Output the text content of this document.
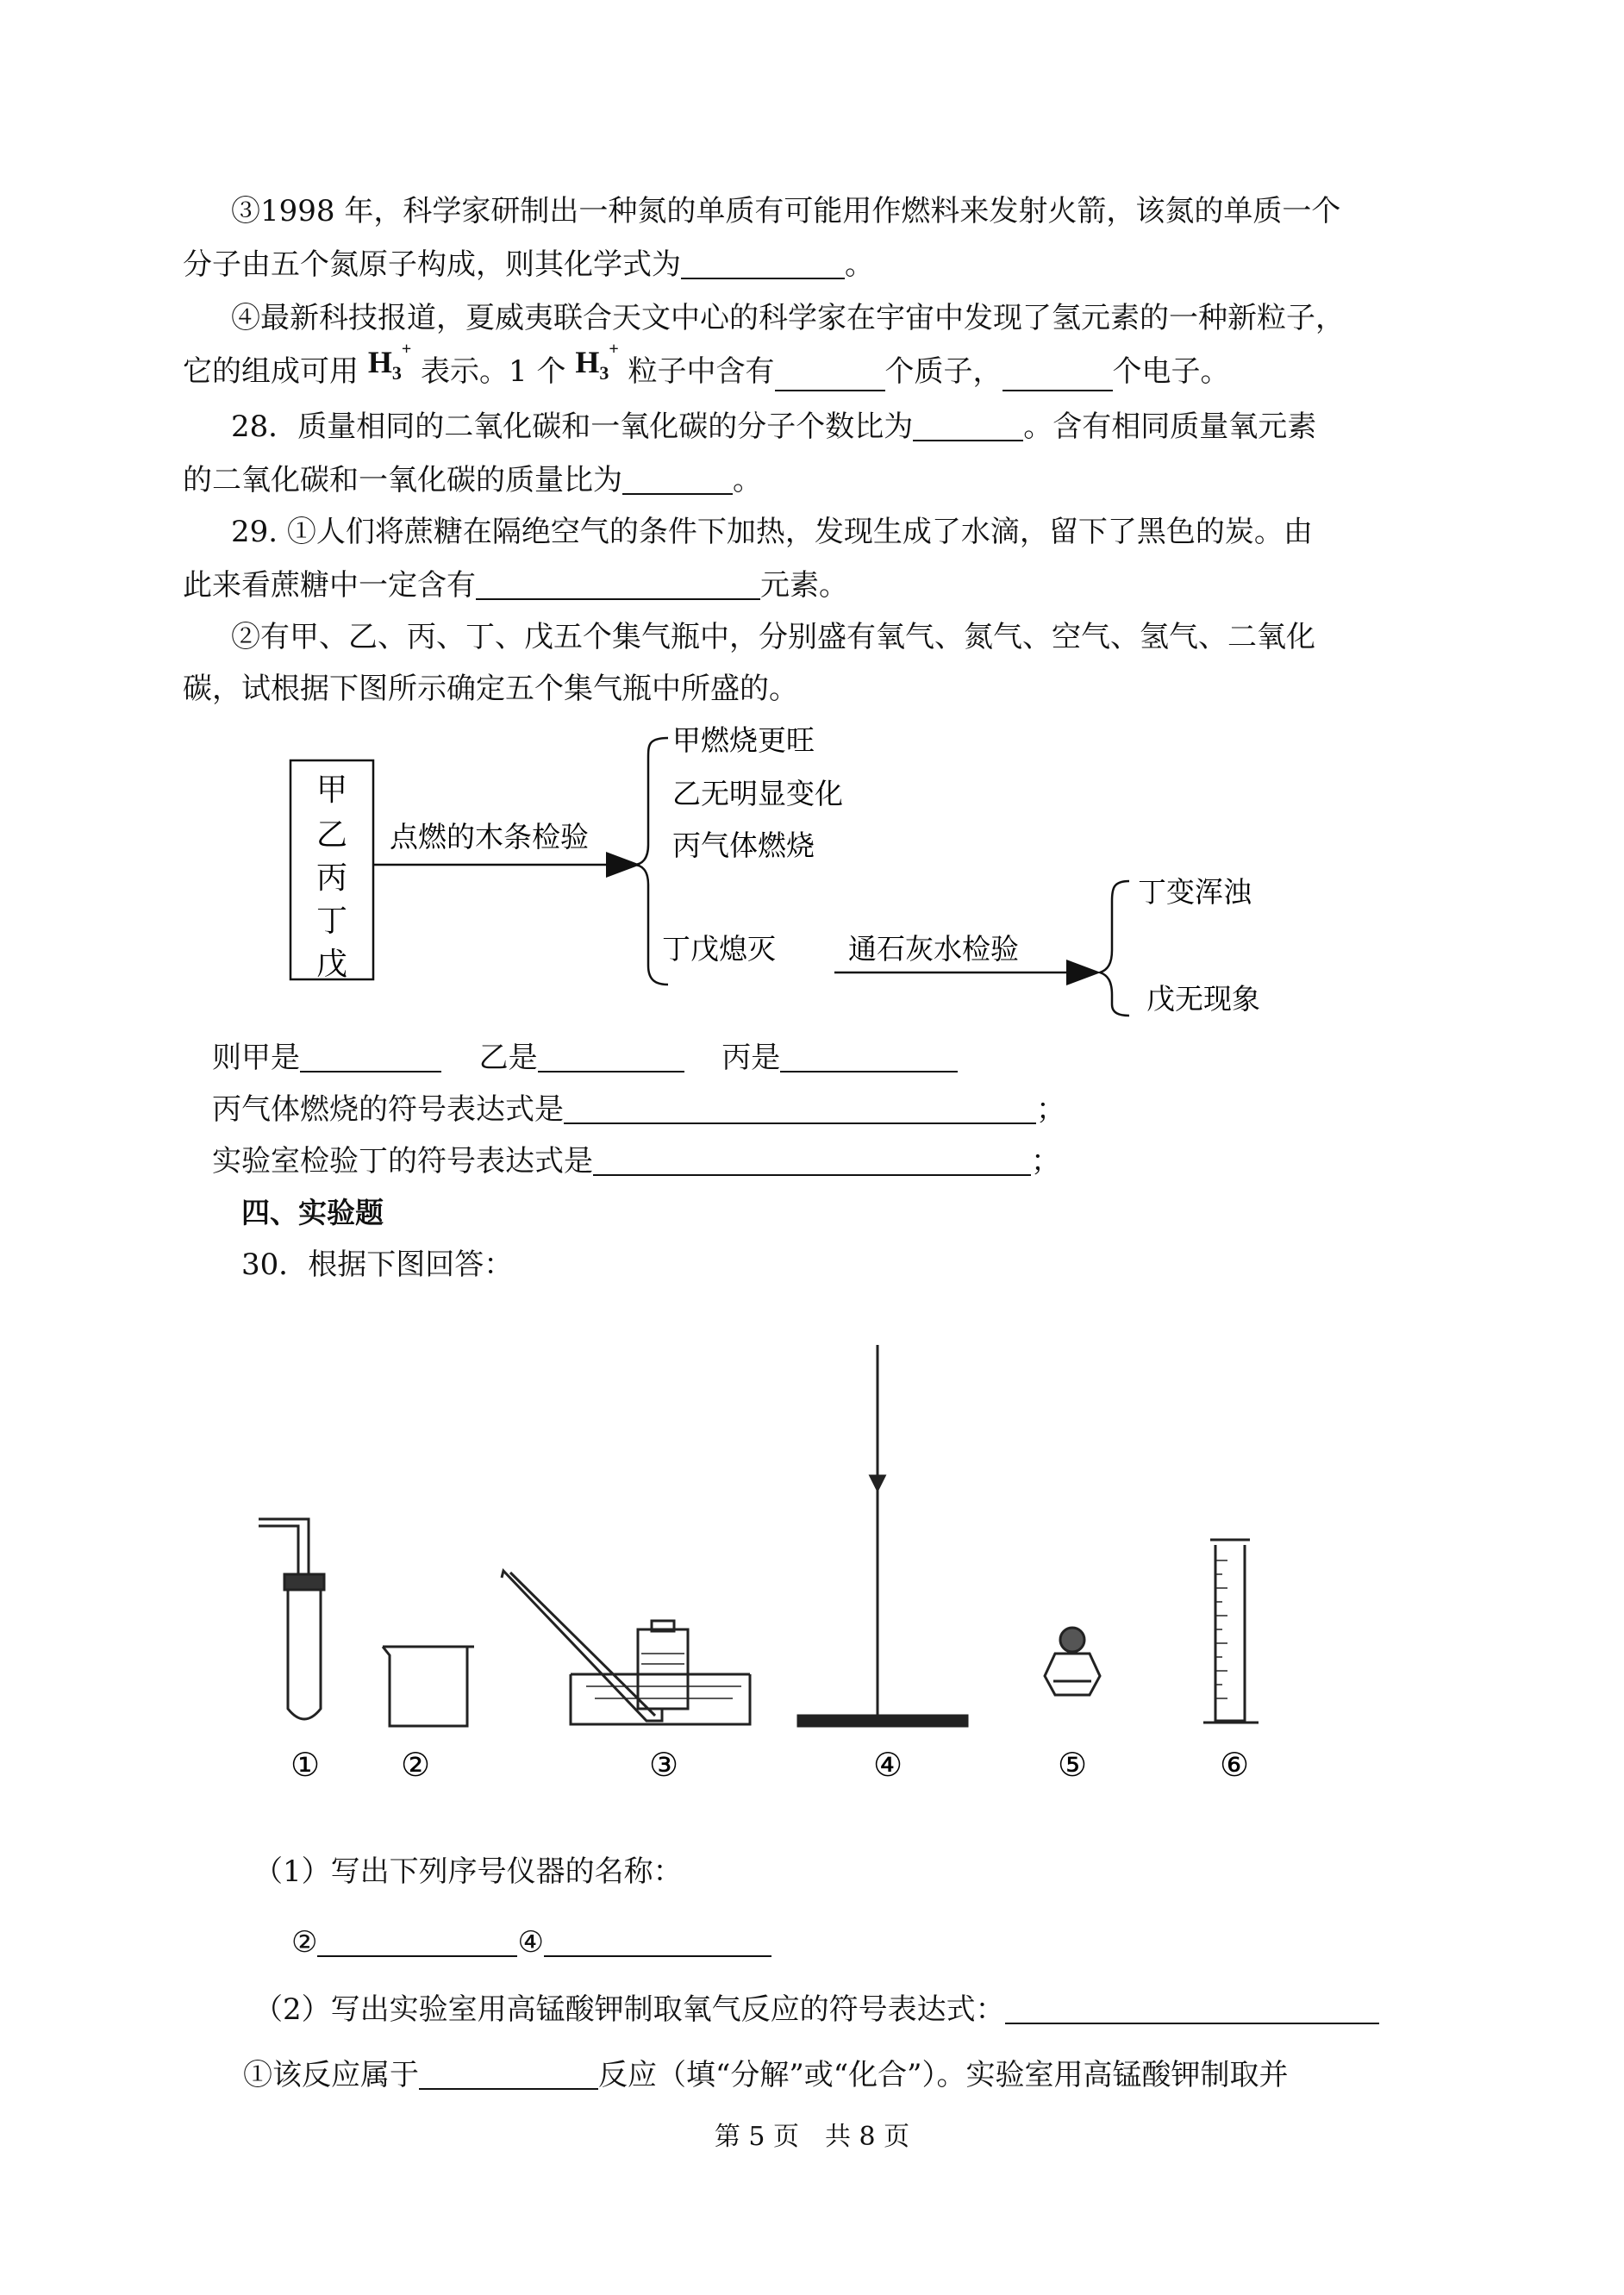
③1998 年，科学家研制出一种氮的单质有可能用作燃料来发射火箭，该氮的单质一个
分子由五个氮原子构成，则其化学式为	。
④最新科技报道，夏威夷联合天文中心的科学家在宇宙中发现了氢元素的一种新粒子，
它的组成可用 $H_3^+$ 表示。1 个 $H_3^+$ 粒子中含有	个质子，	个电子。
28．质量相同的二氧化碳和一氧化碳的分子个数比为	。含有相同质量氧元素
的二氧化碳和一氧化碳的质量比为	。
29. ①人们将蔗糖在隔绝空气的条件下加热，发现生成了水滴，留下了黑色的炭。由
此来看蔗糖中一定含有	元素。
②有甲、乙、丙、丁、戊五个集气瓶中，分别盛有氧气、氮气、空气、氢气、二氧化
碳，试根据下图所示确定五个集气瓶中所盛的。
甲
乙
丙
丁
戊
点燃的木条检验
甲燃烧更旺
乙无明显变化
丙气体燃烧
丁戊熄灭	通石灰水检验
丁变浑浊
戊无现象
则甲是	乙是	丙是
丙气体燃烧的符号表达式是	；
实验室检验丁的符号表达式是	；
四、实验题
30．根据下图回答：
① ②	③	④	⑤	⑥
（1）写出下列序号仪器的名称：
②	④
（2）写出实验室用高锰酸钾制取氧气反应的符号表达式：
①该反应属于	反应（填“分解”或“化合”）。实验室用高锰酸钾制取并
第 5 页　共 8 页
